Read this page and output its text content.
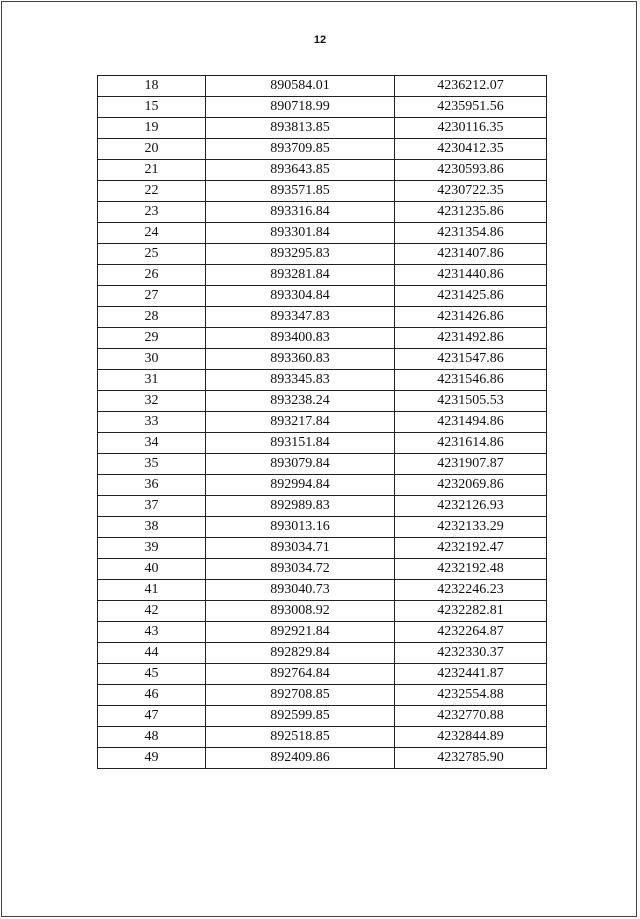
12
18	890584.01	4236212.07
15	890718.99	4235951.56
19	893813.85	4230116.35
20	893709.85	4230412.35
21	893643.85	4230593.86
22	893571.85	4230722.35
23	893316.84	4231235.86
24	893301.84	4231354.86
25	893295.83	4231407.86
26	893281.84	4231440.86
27	893304.84	4231425.86
28	893347.83	4231426.86
29	893400.83	4231492.86
30	893360.83	4231547.86
31	893345.83	4231546.86
32	893238.24	4231505.53
33	893217.84	4231494.86
34	893151.84	4231614.86
35	893079.84	4231907.87
36	892994.84	4232069.86
37	892989.83	4232126.93
38	893013.16	4232133.29
39	893034.71	4232192.47
40	893034.72	4232192.48
41	893040.73	4232246.23
42	893008.92	4232282.81
43	892921.84	4232264.87
44	892829.84	4232330.37
45	892764.84	4232441.87
46	892708.85	4232554.88
47	892599.85	4232770.88
48	892518.85	4232844.89
49	892409.86	4232785.90
